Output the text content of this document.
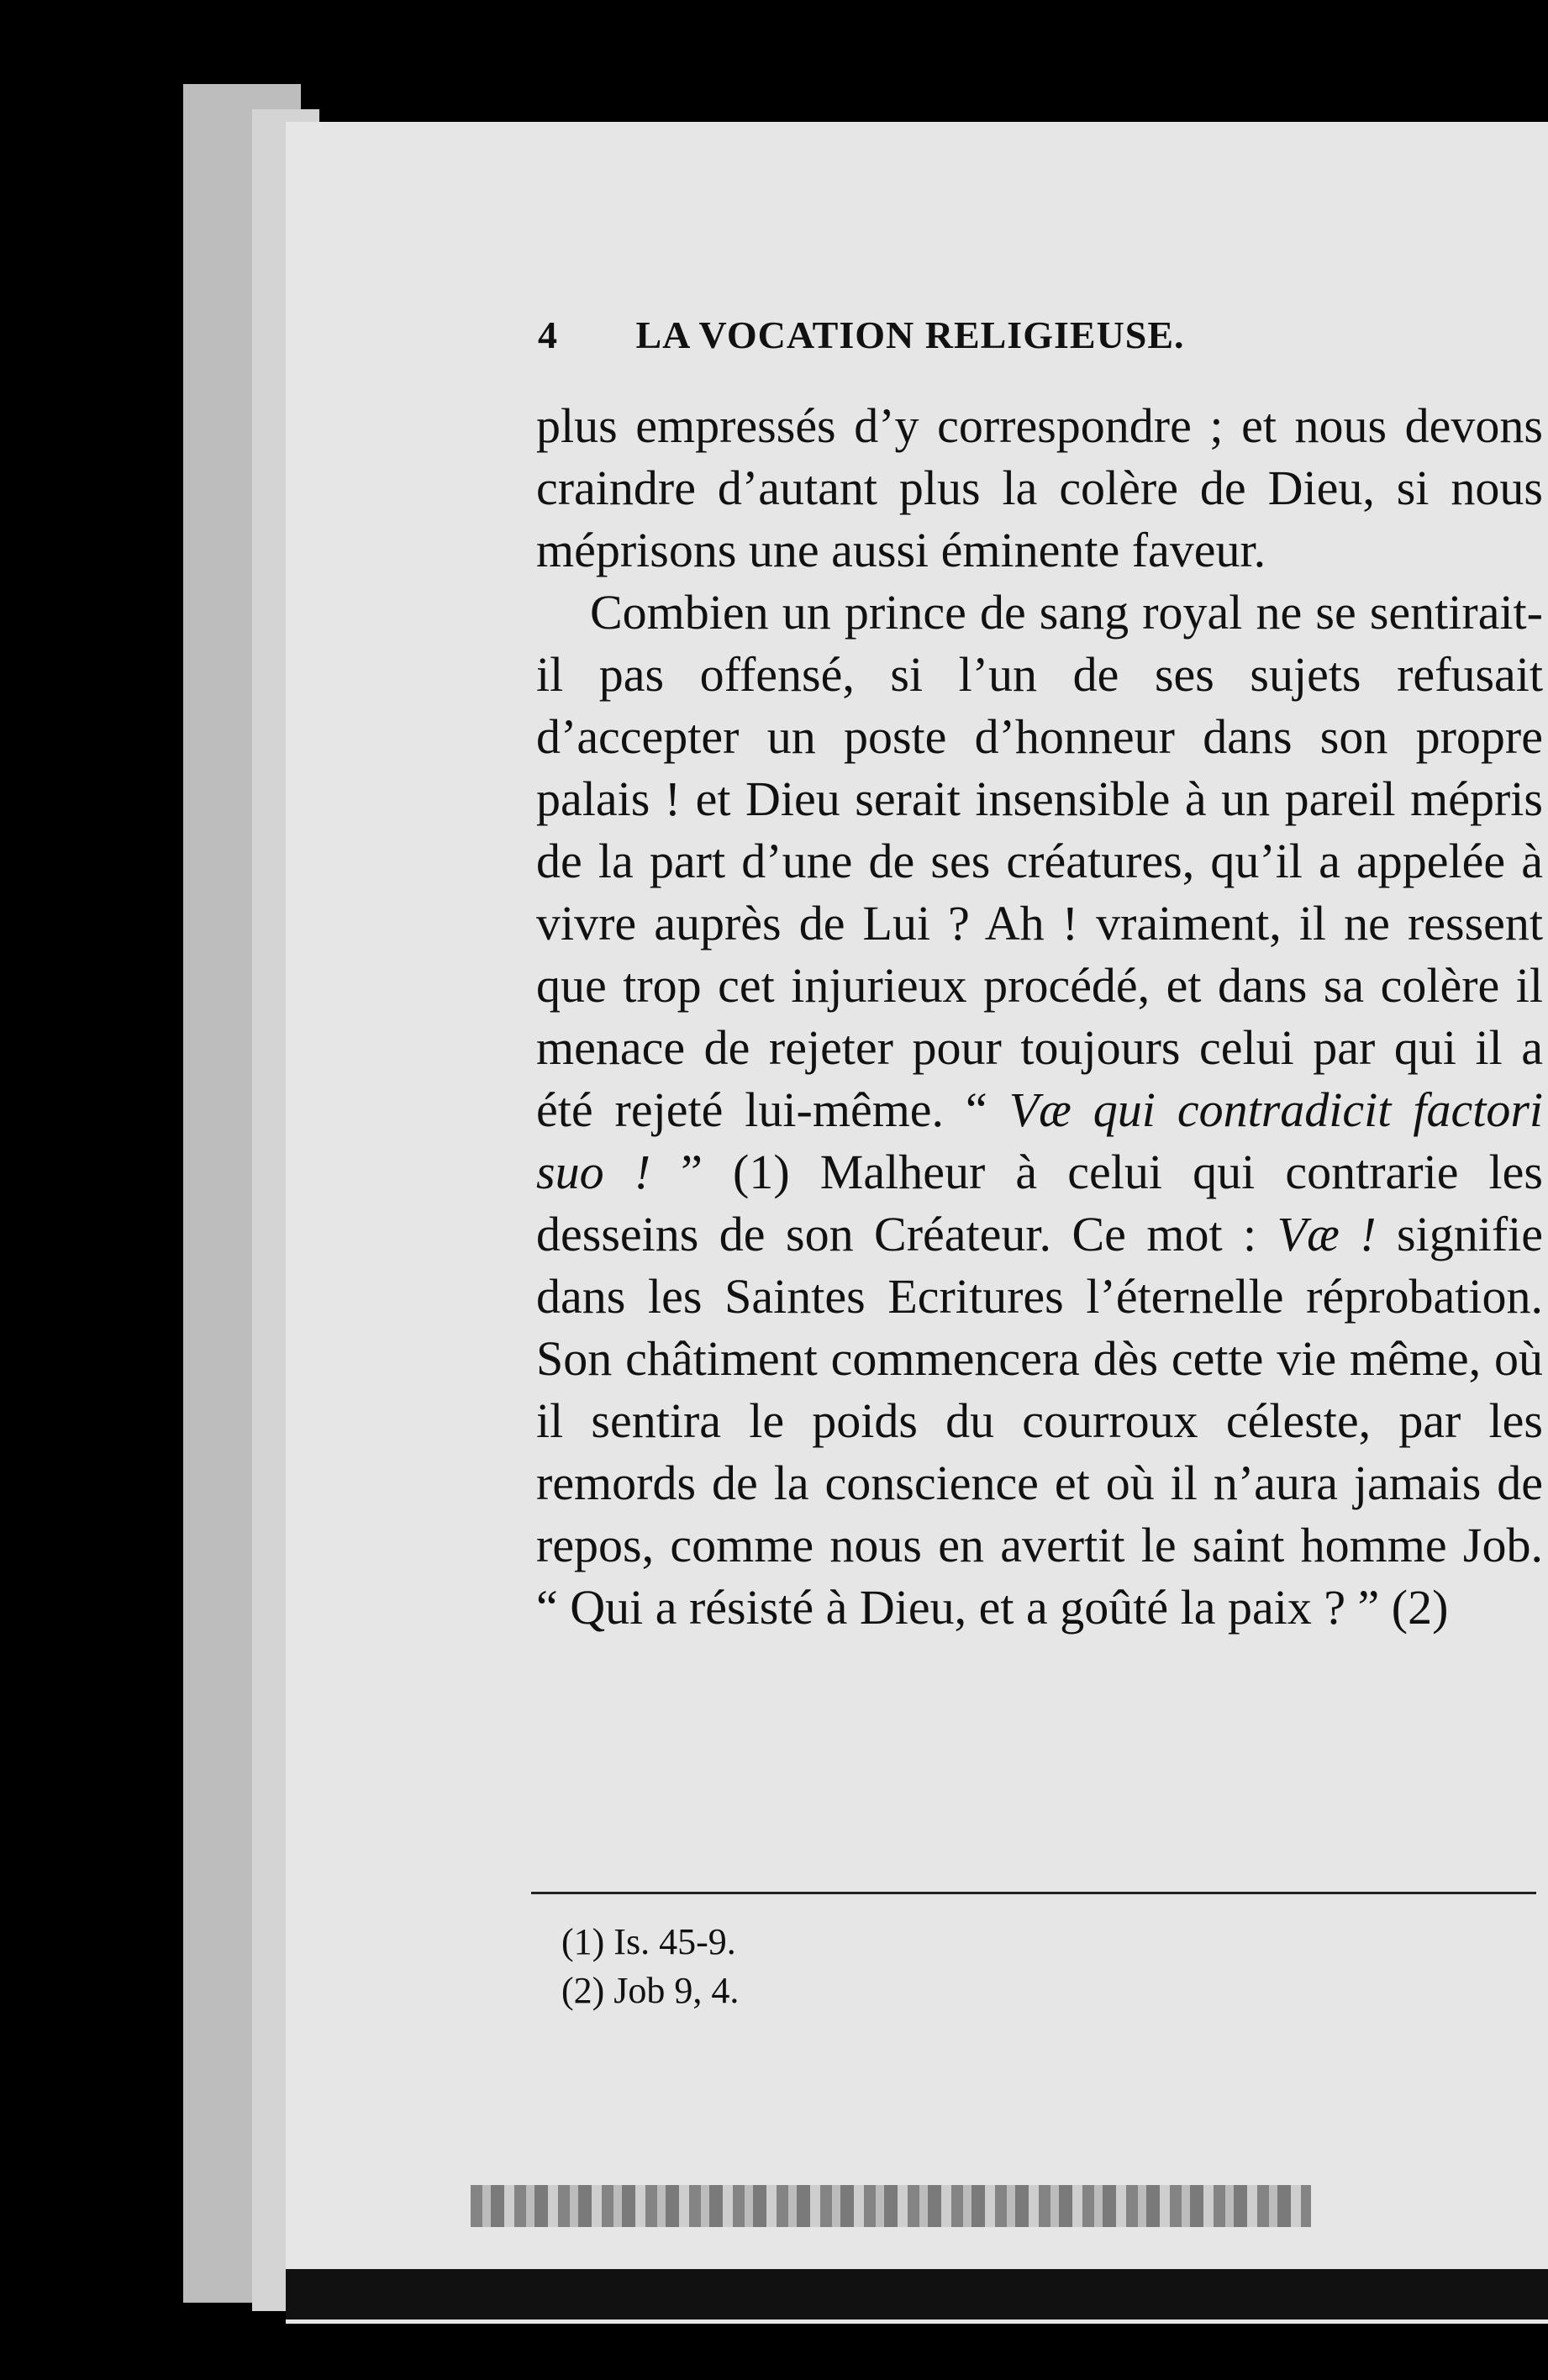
4 LA VOCATION RELIGIEUSE.

plus empressés d’y correspondre ; et nous devons craindre d’autant plus la colère de Dieu, si nous méprisons une aussi éminente faveur.

Combien un prince de sang royal ne se sentirait-il pas offensé, si l’un de ses sujets refusait d’accepter un poste d’honneur dans son propre palais ! et Dieu serait insensible à un pareil mépris de la part d’une de ses créatures, qu’il a appelée à vivre auprès de Lui ? Ah ! vraiment, il ne ressent que trop cet injurieux procédé, et dans sa colère il menace de rejeter pour toujours celui par qui il a été rejeté lui-même. “ Væ qui contradicit factori suo ! ” (1) Malheur à celui qui contrarie les desseins de son Créateur. Ce mot : Væ ! signifie dans les Saintes Ecritures l’éternelle réprobation. Son châtiment commencera dès cette vie même, où il sentira le poids du courroux céleste, par les remords de la conscience et où il n’aura jamais de repos, comme nous en avertit le saint homme Job. “ Qui a résisté à Dieu, et a goûté la paix ? ” (2)

(1) Is. 45-9.
(2) Job 9, 4.
